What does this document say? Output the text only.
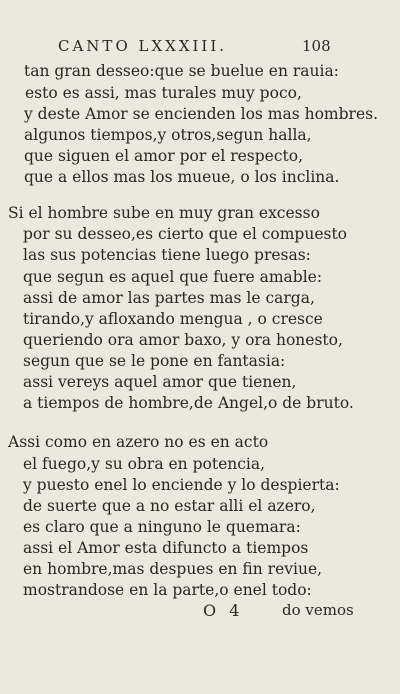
CANTO LXXXIII.	108
tan gran desseo:que se buelue en rauia:
esto es assi, mas turales muy poco,
y deste Amor se encienden los mas hombres.
algunos tiempos,y otros,segun halla,
que siguen el amor por el respecto,
que a ellos mas los mueue, o los inclina.
Si el hombre sube en muy gran excesso
por su desseo,es cierto que el compuesto
las sus potencias tiene luego presas:
que segun es aquel que fuere amable:
assi de amor las partes mas le carga,
tirando,y afloxando mengua , o cresce
queriendo ora amor baxo, y ora honesto,
segun que se le pone en fantasia:
assi vereys aquel amor que tienen,
a tiempos de hombre,de Angel,o de bruto.
Assi como en azero no es en acto
el fuego,y su obra en potencia,
y puesto enel lo enciende y lo despierta:
de suerte que a no estar alli el azero,
es claro que a ninguno le quemara:
assi el Amor esta difuncto a tiempos
en hombre,mas despues en fin reviue,
mostrandose en la parte,o enel todo:
O 4	do vemos
